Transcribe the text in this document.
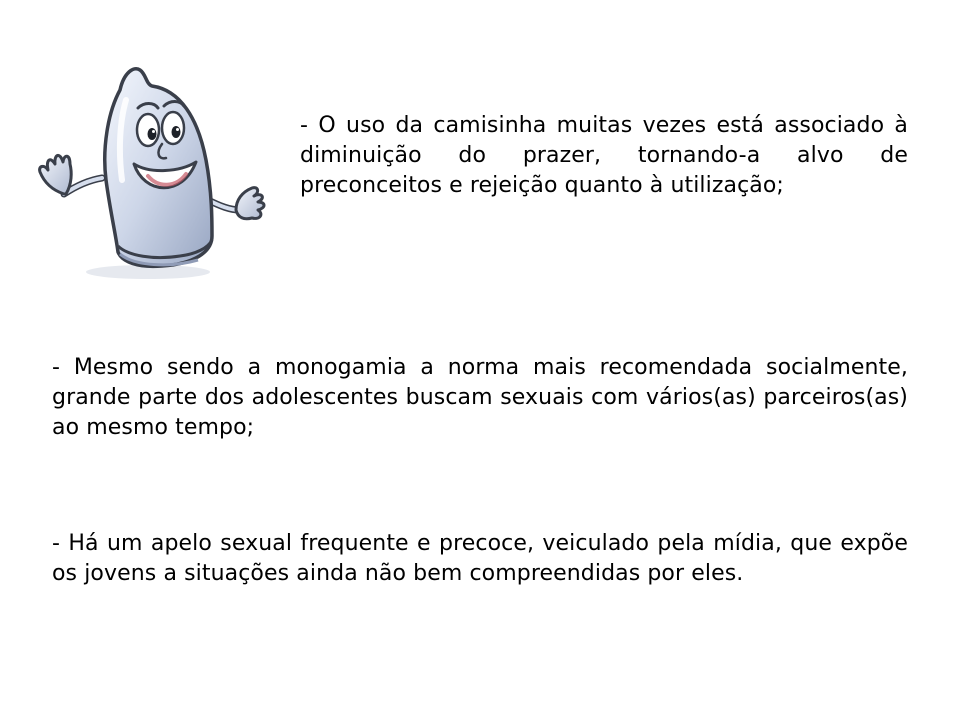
- O uso da camisinha muitas vezes está associado à diminuição do prazer, tornando-a alvo de preconceitos e rejeição quanto à utilização;

- Mesmo sendo a monogamia a norma mais recomendada socialmente, grande parte dos adolescentes buscam sexuais com vários(as) parceiros(as) ao mesmo tempo;

- Há um apelo sexual frequente e precoce, veiculado pela mídia, que expõe os jovens a situações ainda não bem compreendidas por eles.
